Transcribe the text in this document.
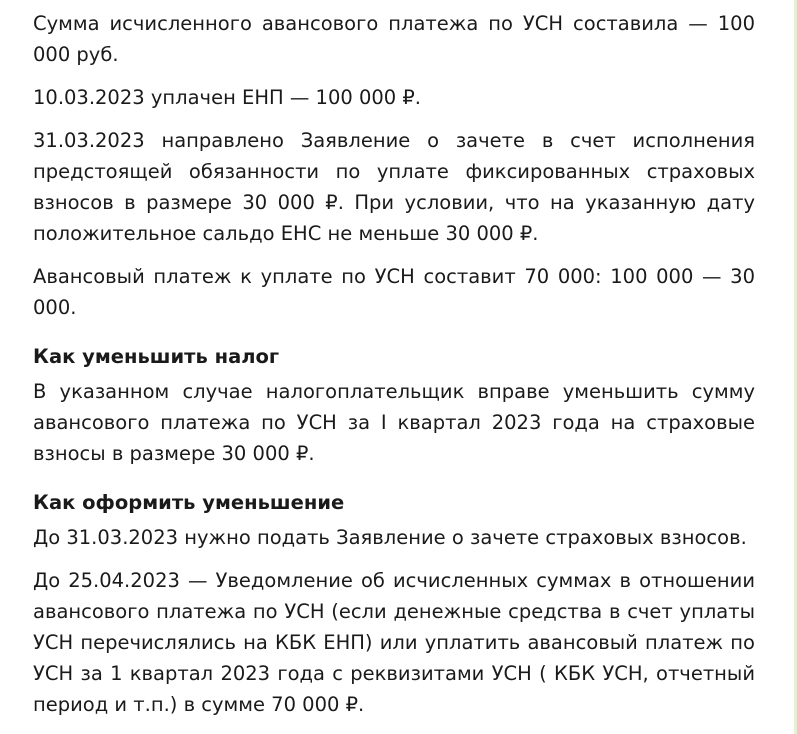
Сумма исчисленного авансового платежа по УСН составила — 100 000 руб.

10.03.2023 уплачен ЕНП — 100 000 ₽.

31.03.2023 направлено Заявление о зачете в счет исполнения предстоящей обязанности по уплате фиксированных страховых взносов в размере 30 000 ₽. При условии, что на указанную дату положительное сальдо ЕНС не меньше 30 000 ₽.

Авансовый платеж к уплате по УСН составит 70 000: 100 000 — 30 000.

Как уменьшить налог

В указанном случае налогоплательщик вправе уменьшить сумму авансового платежа по УСН за I квартал 2023 года на страховые взносы в размере 30 000 ₽.

Как оформить уменьшение

До 31.03.2023 нужно подать Заявление о зачете страховых взносов.

До 25.04.2023 — Уведомление об исчисленных суммах в отношении авансового платежа по УСН (если денежные средства в счет уплаты УСН перечислялись на КБК ЕНП) или уплатить авансовый платеж по УСН за 1 квартал 2023 года с реквизитами УСН ( КБК УСН, отчетный период и т.п.) в сумме 70 000 ₽.
